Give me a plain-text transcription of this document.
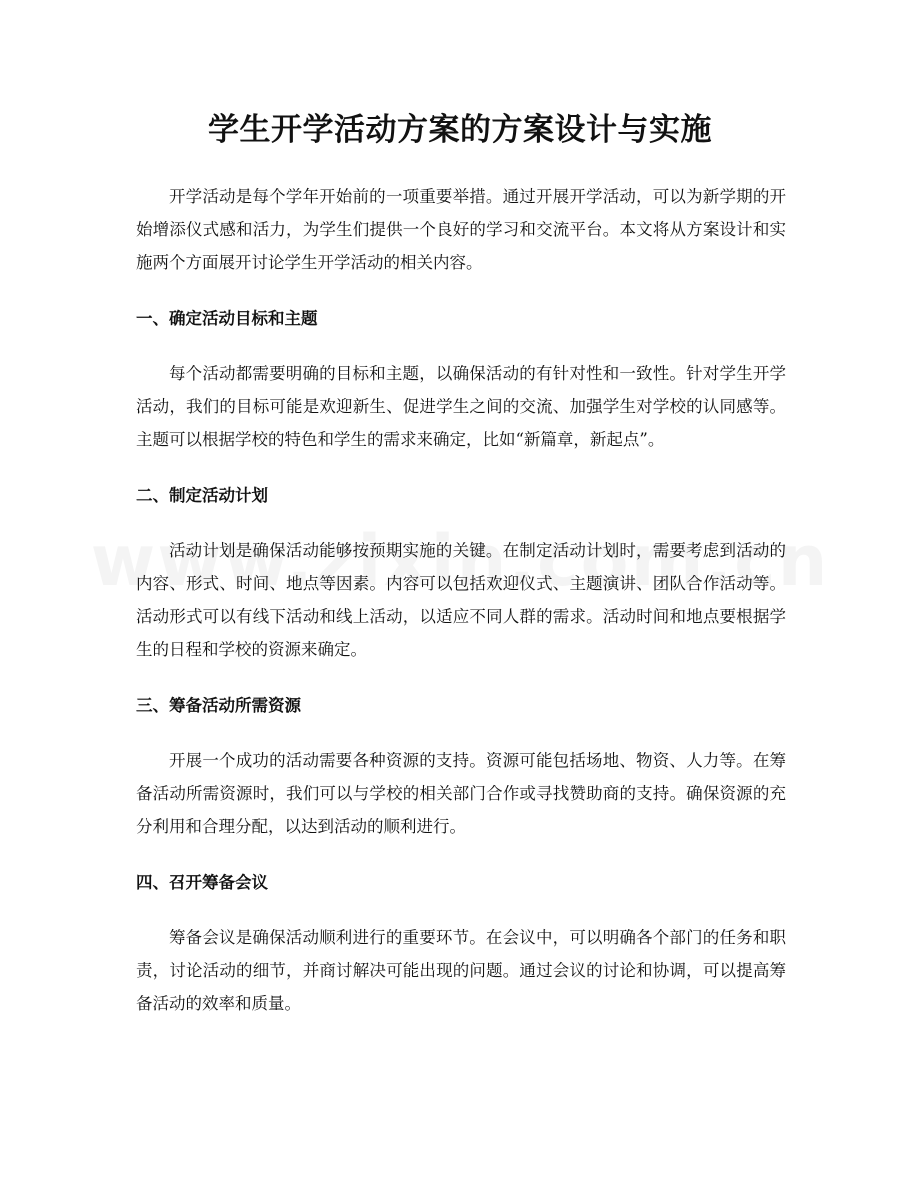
学生开学活动方案的方案设计与实施

开学活动是每个学年开始前的一项重要举措。通过开展开学活动，可以为新学期的开始增添仪式感和活力，为学生们提供一个良好的学习和交流平台。本文将从方案设计和实施两个方面展开讨论学生开学活动的相关内容。

一、确定活动目标和主题

每个活动都需要明确的目标和主题，以确保活动的有针对性和一致性。针对学生开学活动，我们的目标可能是欢迎新生、促进学生之间的交流、加强学生对学校的认同感等。主题可以根据学校的特色和学生的需求来确定，比如“新篇章，新起点”。

二、制定活动计划

活动计划是确保活动能够按预期实施的关键。在制定活动计划时，需要考虑到活动的内容、形式、时间、地点等因素。内容可以包括欢迎仪式、主题演讲、团队合作活动等。活动形式可以有线下活动和线上活动，以适应不同人群的需求。活动时间和地点要根据学生的日程和学校的资源来确定。

三、筹备活动所需资源

开展一个成功的活动需要各种资源的支持。资源可能包括场地、物资、人力等。在筹备活动所需资源时，我们可以与学校的相关部门合作或寻找赞助商的支持。确保资源的充分利用和合理分配，以达到活动的顺利进行。

四、召开筹备会议

筹备会议是确保活动顺利进行的重要环节。在会议中，可以明确各个部门的任务和职责，讨论活动的细节，并商讨解决可能出现的问题。通过会议的讨论和协调，可以提高筹备活动的效率和质量。
